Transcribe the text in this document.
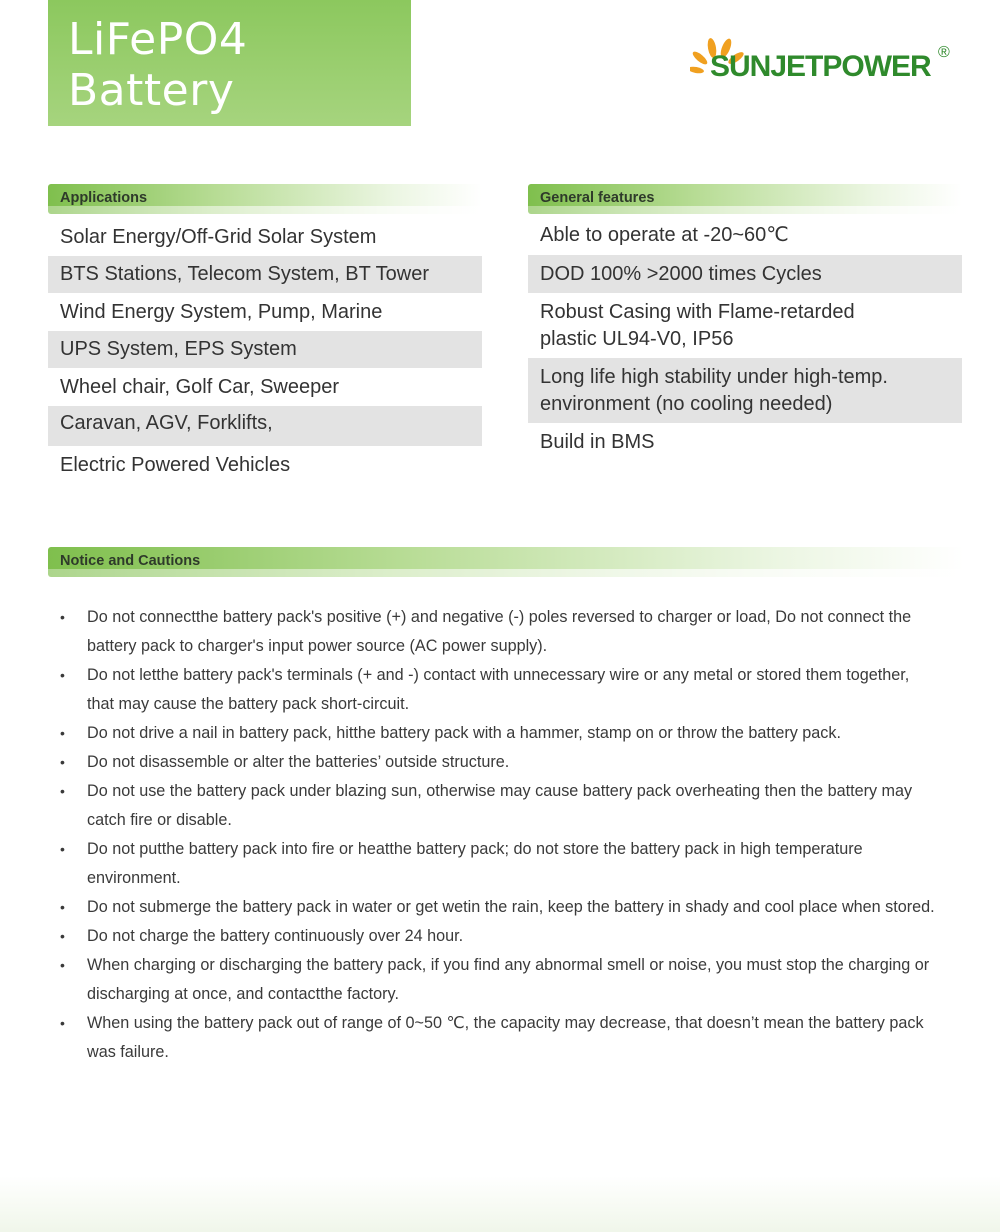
LiFePO4 Battery	SUNJETPOWER ®
Applications
Solar Energy/Off-Grid Solar System
BTS Stations, Telecom System, BT Tower
Wind Energy System, Pump, Marine
UPS System, EPS System
Wheel chair, Golf Car, Sweeper
Caravan, AGV, Forklifts,
Electric Powered Vehicles
General features
Able to operate at -20~60℃
DOD 100% >2000 times Cycles
Robust Casing with Flame-retarded
plastic UL94-V0, IP56
Long life high stability under high-temp.
environment (no cooling needed)
Build in BMS
Notice and Cautions
• Do not connectthe battery pack's positive (+) and negative (-) poles reversed to charger or load, Do not connect the battery pack to charger's input power source (AC power supply).
• Do not letthe battery pack's terminals (+ and -) contact with unnecessary wire or any metal or stored them together, that may cause the battery pack short-circuit.
• Do not drive a nail in battery pack, hitthe battery pack with a hammer, stamp on or throw the battery pack.
• Do not disassemble or alter the batteries’ outside structure.
• Do not use the battery pack under blazing sun, otherwise may cause battery pack overheating then the battery may catch fire or disable.
• Do not putthe battery pack into fire or heatthe battery pack; do not store the battery pack in high temperature environment.
• Do not submerge the battery pack in water or get wetin the rain, keep the battery in shady and cool place when stored.
• Do not charge the battery continuously over 24 hour.
• When charging or discharging the battery pack, if you find any abnormal smell or noise, you must stop the charging or discharging at once, and contactthe factory.
• When using the battery pack out of range of 0~50 ℃, the capacity may decrease, that doesn’t mean the battery pack was failure.
